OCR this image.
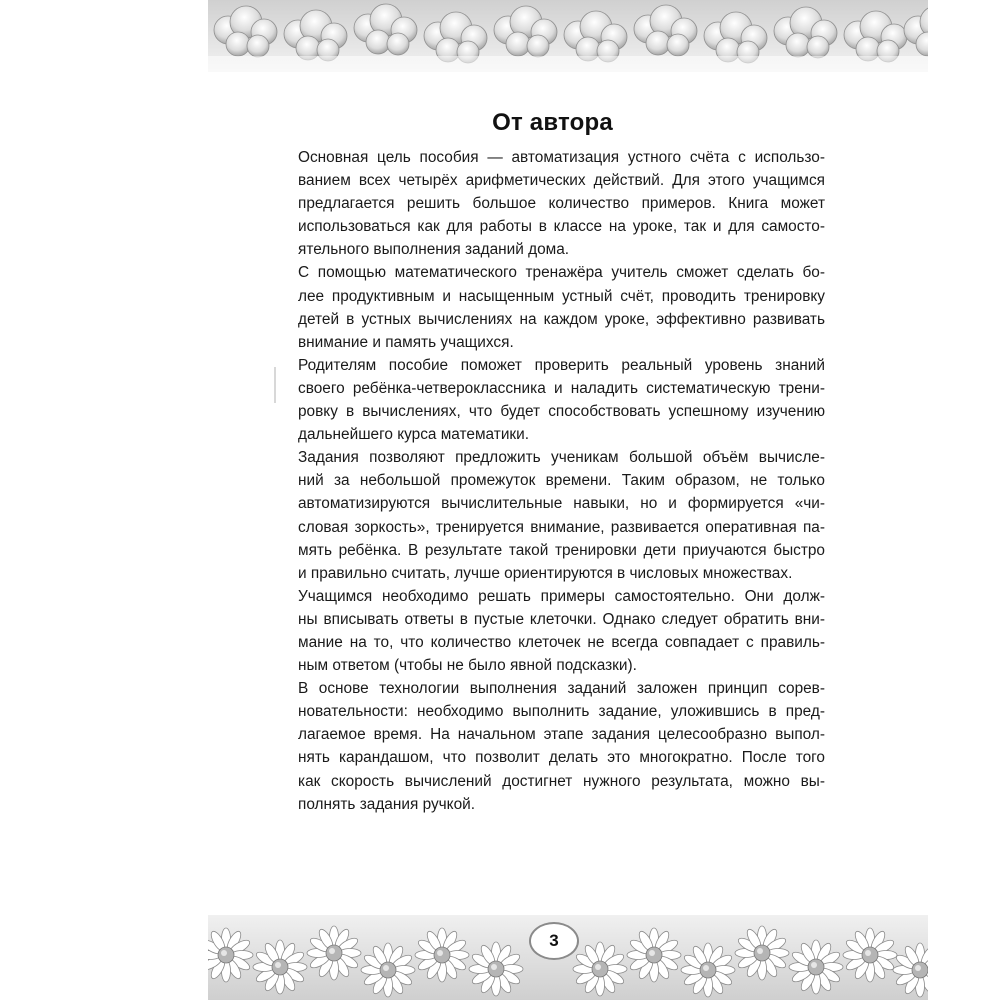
От автора

Основная цель пособия — автоматизация устного счёта с использо-
ванием всех четырёх арифметических действий. Для этого учащимся
предлагается решить большое количество примеров. Книга может
использоваться как для работы в классе на уроке, так и для самосто-
ятельного выполнения заданий дома.

С помощью математического тренажёра учитель сможет сделать бо-
лее продуктивным и насыщенным устный счёт, проводить тренировку
детей в устных вычислениях на каждом уроке, эффективно развивать
внимание и память учащихся.

Родителям пособие поможет проверить реальный уровень знаний
своего ребёнка-четвероклассника и наладить систематическую трени-
ровку в вычислениях, что будет способствовать успешному изучению
дальнейшего курса математики.

Задания позволяют предложить ученикам большой объём вычисле-
ний за небольшой промежуток времени. Таким образом, не только
автоматизируются вычислительные навыки, но и формируется «чи-
словая зоркость», тренируется внимание, развивается оперативная па-
мять ребёнка. В результате такой тренировки дети приучаются быстро
и правильно считать, лучше ориентируются в числовых множествах.

Учащимся необходимо решать примеры самостоятельно. Они долж-
ны вписывать ответы в пустые клеточки. Однако следует обратить вни-
мание на то, что количество клеточек не всегда совпадает с правиль-
ным ответом (чтобы не было явной подсказки).

В основе технологии выполнения заданий заложен принцип сорев-
новательности: необходимо выполнить задание, уложившись в пред-
лагаемое время. На начальном этапе задания целесообразно выпол-
нять карандашом, что позволит делать это многократно. После того
как скорость вычислений достигнет нужного результата, можно вы-
полнять задания ручкой.

3
